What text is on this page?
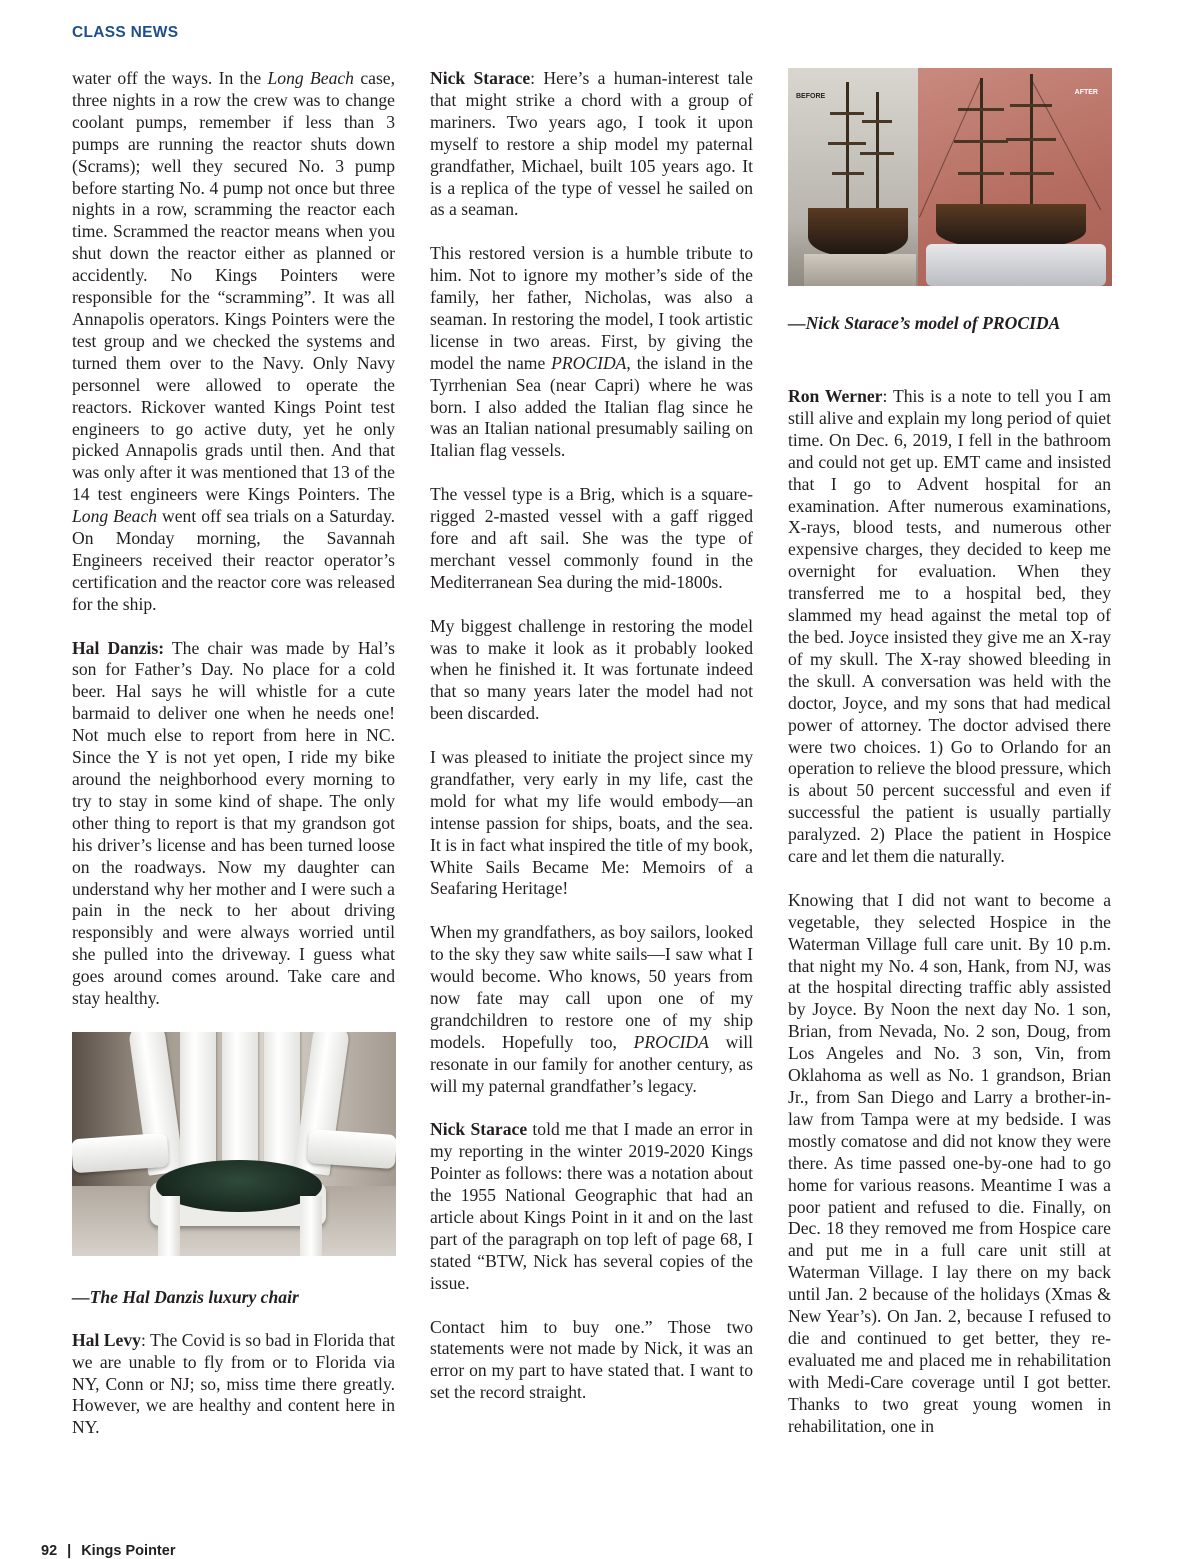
CLASS NEWS

water off the ways. In the Long Beach case, three nights in a row the crew was to change coolant pumps, remember if less than 3 pumps are running the reactor shuts down (Scrams); well they secured No. 3 pump before starting No. 4 pump not once but three nights in a row, scramming the reactor each time. Scrammed the reactor means when you shut down the reactor either as planned or accidently. No Kings Pointers were responsible for the “scramming”. It was all Annapolis operators. Kings Pointers were the test group and we checked the systems and turned them over to the Navy. Only Navy personnel were allowed to operate the reactors. Rickover wanted Kings Point test engineers to go active duty, yet he only picked Annapolis grads until then. And that was only after it was mentioned that 13 of the 14 test engineers were Kings Pointers. The Long Beach went off sea trials on a Saturday. On Monday morning, the Savannah Engineers received their reactor operator’s certification and the reactor core was released for the ship.

Hal Danzis: The chair was made by Hal’s son for Father’s Day. No place for a cold beer. Hal says he will whistle for a cute barmaid to deliver one when he needs one! Not much else to report from here in NC. Since the Y is not yet open, I ride my bike around the neighborhood every morning to try to stay in some kind of shape. The only other thing to report is that my grandson got his driver’s license and has been turned loose on the roadways. Now my daughter can understand why her mother and I were such a pain in the neck to her about driving responsibly and were always worried until she pulled into the driveway. I guess what goes around comes around. Take care and stay healthy.

—The Hal Danzis luxury chair

Hal Levy: The Covid is so bad in Florida that we are unable to fly from or to Florida via NY, Conn or NJ; so, miss time there greatly. However, we are healthy and content here in NY.

Nick Starace: Here’s a human-interest tale that might strike a chord with a group of mariners. Two years ago, I took it upon myself to restore a ship model my paternal grandfather, Michael, built 105 years ago. It is a replica of the type of vessel he sailed on as a seaman.

This restored version is a humble tribute to him. Not to ignore my mother’s side of the family, her father, Nicholas, was also a seaman. In restoring the model, I took artistic license in two areas. First, by giving the model the name PROCIDA, the island in the Tyrrhenian Sea (near Capri) where he was born. I also added the Italian flag since he was an Italian national presumably sailing on Italian flag vessels.

The vessel type is a Brig, which is a square-rigged 2-masted vessel with a gaff rigged fore and aft sail. She was the type of merchant vessel commonly found in the Mediterranean Sea during the mid-1800s.

My biggest challenge in restoring the model was to make it look as it probably looked when he finished it. It was fortunate indeed that so many years later the model had not been discarded.

I was pleased to initiate the project since my grandfather, very early in my life, cast the mold for what my life would embody—an intense passion for ships, boats, and the sea. It is in fact what inspired the title of my book, White Sails Became Me: Memoirs of a Seafaring Heritage!

When my grandfathers, as boy sailors, looked to the sky they saw white sails—I saw what I would become. Who knows, 50 years from now fate may call upon one of my grandchildren to restore one of my ship models. Hopefully too, PROCIDA will resonate in our family for another century, as will my paternal grandfather’s legacy.

Nick Starace told me that I made an error in my reporting in the winter 2019-2020 Kings Pointer as follows: there was a notation about the 1955 National Geographic that had an article about Kings Point in it and on the last part of the paragraph on top left of page 68, I stated “BTW, Nick has several copies of the issue.

Contact him to buy one.” Those two statements were not made by Nick, it was an error on my part to have stated that. I want to set the record straight.

BEFORE
AFTER

—Nick Starace’s model of PROCIDA

Ron Werner: This is a note to tell you I am still alive and explain my long period of quiet time. On Dec. 6, 2019, I fell in the bathroom and could not get up. EMT came and insisted that I go to Advent hospital for an examination. After numerous examinations, X-rays, blood tests, and numerous other expensive charges, they decided to keep me overnight for evaluation. When they transferred me to a hospital bed, they slammed my head against the metal top of the bed. Joyce insisted they give me an X-ray of my skull. The X-ray showed bleeding in the skull. A conversation was held with the doctor, Joyce, and my sons that had medical power of attorney. The doctor advised there were two choices. 1) Go to Orlando for an operation to relieve the blood pressure, which is about 50 percent successful and even if successful the patient is usually partially paralyzed. 2) Place the patient in Hospice care and let them die naturally.

Knowing that I did not want to become a vegetable, they selected Hospice in the Waterman Village full care unit. By 10 p.m. that night my No. 4 son, Hank, from NJ, was at the hospital directing traffic ably assisted by Joyce. By Noon the next day No. 1 son, Brian, from Nevada, No. 2 son, Doug, from Los Angeles and No. 3 son, Vin, from Oklahoma as well as No. 1 grandson, Brian Jr., from San Diego and Larry a brother-in-law from Tampa were at my bedside. I was mostly comatose and did not know they were there. As time passed one-by-one had to go home for various reasons. Meantime I was a poor patient and refused to die. Finally, on Dec. 18 they removed me from Hospice care and put me in a full care unit still at Waterman Village. I lay there on my back until Jan. 2 because of the holidays (Xmas & New Year’s). On Jan. 2, because I refused to die and continued to get better, they re-evaluated me and placed me in rehabilitation with Medi-Care coverage until I got better. Thanks to two great young women in rehabilitation, one in

92 | Kings Pointer
